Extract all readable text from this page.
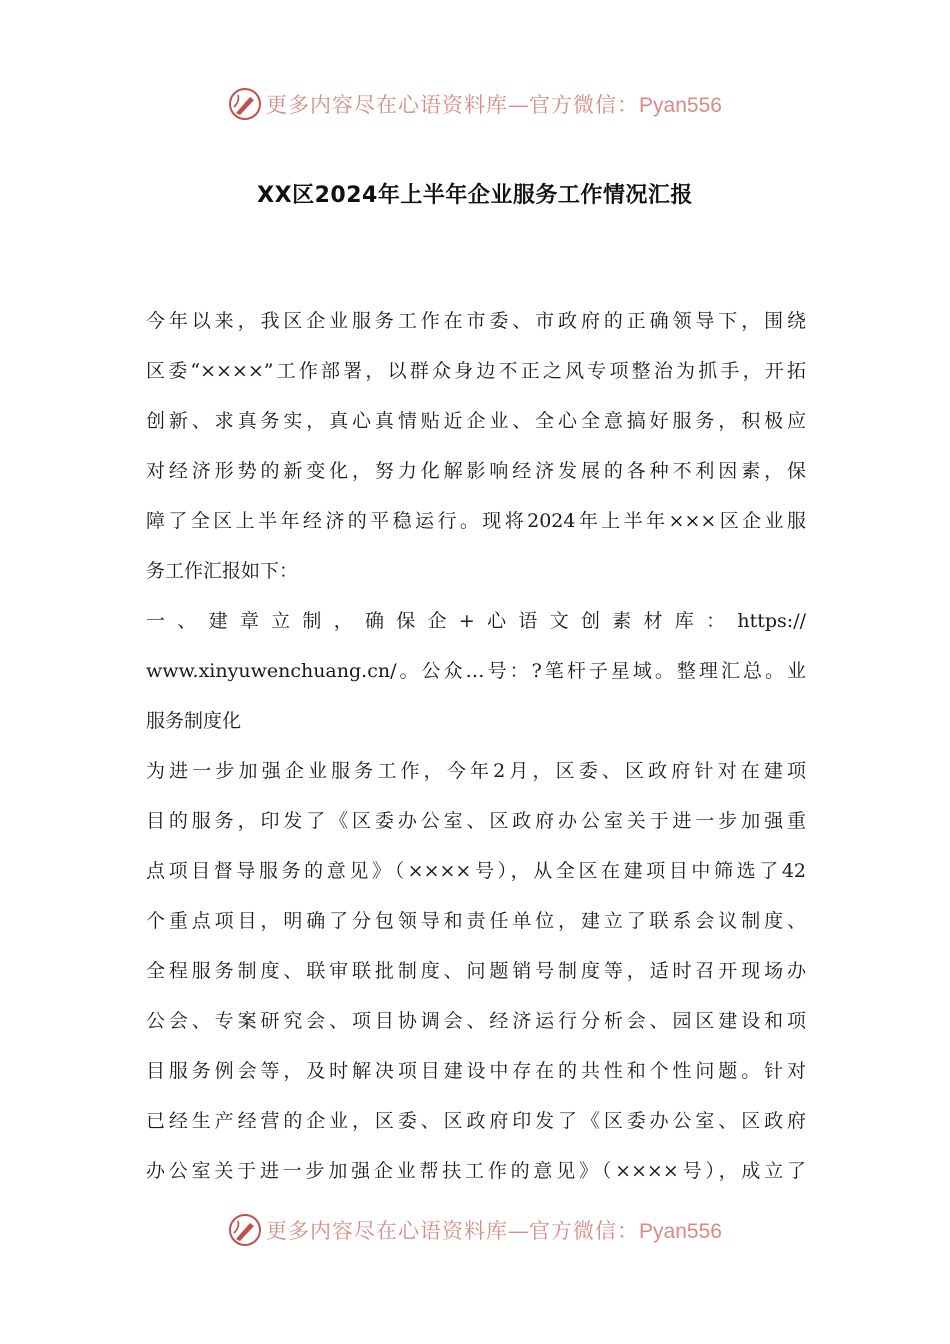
更多内容尽在心语资料库—官方微信：Pyan556
XX区2024年上半年企业服务工作情况汇报
今年以来，我区企业服务工作在市委、市政府的正确领导下，围绕
区委“××××”工作部署，以群众身边不正之风专项整治为抓手，开拓
创新、求真务实，真心真情贴近企业、全心全意搞好服务，积极应
对经济形势的新变化，努力化解影响经济发展的各种不利因素，保
障了全区上半年经济的平稳运行。现将2024年上半年×××区企业服
务工作汇报如下：
一、建章立制，确保企+心语文创素材库：https://
www.xinyuwenchuang.cn/。公众…号：?笔杆子星域。整理汇总。业
服务制度化
为进一步加强企业服务工作，今年2月，区委、区政府针对在建项
目的服务，印发了《区委办公室、区政府办公室关于进一步加强重
点项目督导服务的意见》（××××号），从全区在建项目中筛选了42
个重点项目，明确了分包领导和责任单位，建立了联系会议制度、
全程服务制度、联审联批制度、问题销号制度等，适时召开现场办
公会、专案研究会、项目协调会、经济运行分析会、园区建设和项
目服务例会等，及时解决项目建设中存在的共性和个性问题。针对
已经生产经营的企业，区委、区政府印发了《区委办公室、区政府
办公室关于进一步加强企业帮扶工作的意见》（××××号），成立了
更多内容尽在心语资料库—官方微信：Pyan556
